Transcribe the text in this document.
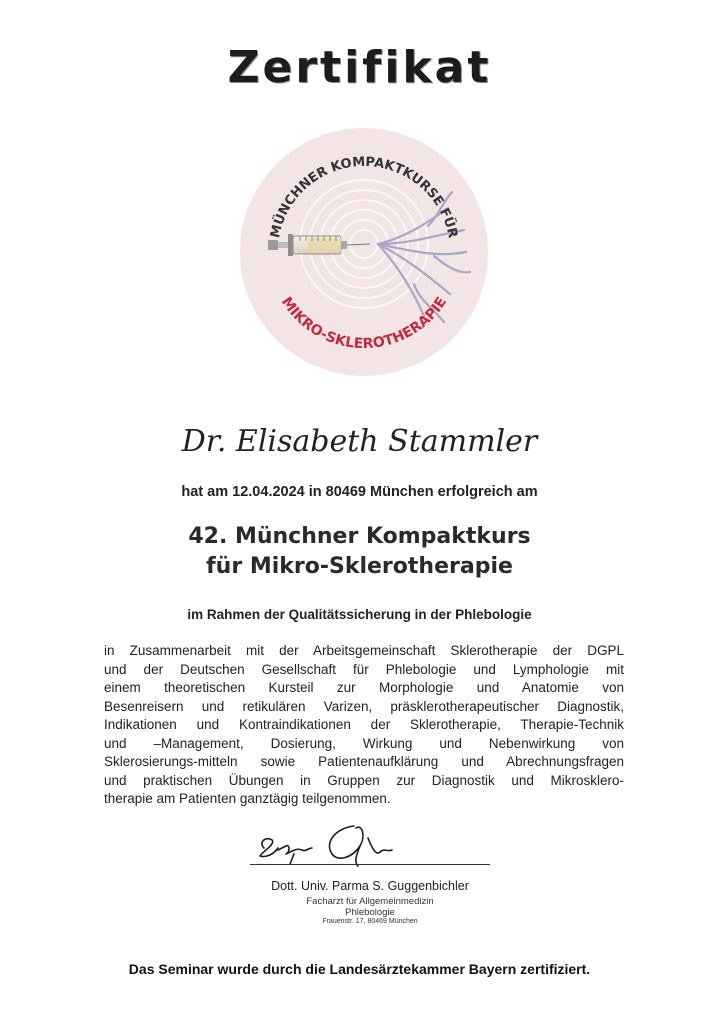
Zertifikat
MÜNCHNER KOMPAKTKURSE FÜR
MIKRO-SKLEROTHERAPIE
Dr. Elisabeth Stammler
hat am 12.04.2024 in 80469 München erfolgreich am
42. Münchner Kompaktkurs
für Mikro-Sklerotherapie
im Rahmen der Qualitätssicherung in der Phlebologie
in Zusammenarbeit mit der Arbeitsgemeinschaft Sklerotherapie der DGPL
und der Deutschen Gesellschaft für Phlebologie und Lymphologie mit
einem theoretischen Kursteil zur Morphologie und Anatomie von
Besenreisern und retikulären Varizen, präsklerotherapeutischer Diagnostik,
Indikationen und Kontraindikationen der Sklerotherapie, Therapie-Technik
und –Management, Dosierung, Wirkung und Nebenwirkung von
Sklerosierungs-mitteln sowie Patientenaufklärung und Abrechnungsfragen
und praktischen Übungen in Gruppen zur Diagnostik und Mikrosklero-
therapie am Patienten ganztägig teilgenommen.
Dott. Univ. Parma S. Guggenbichler
Facharzt für Allgemeinmedizin
Phlebologie
Frauenstr. 17, 80469 München
Das Seminar wurde durch die Landesärztekammer Bayern zertifiziert.
